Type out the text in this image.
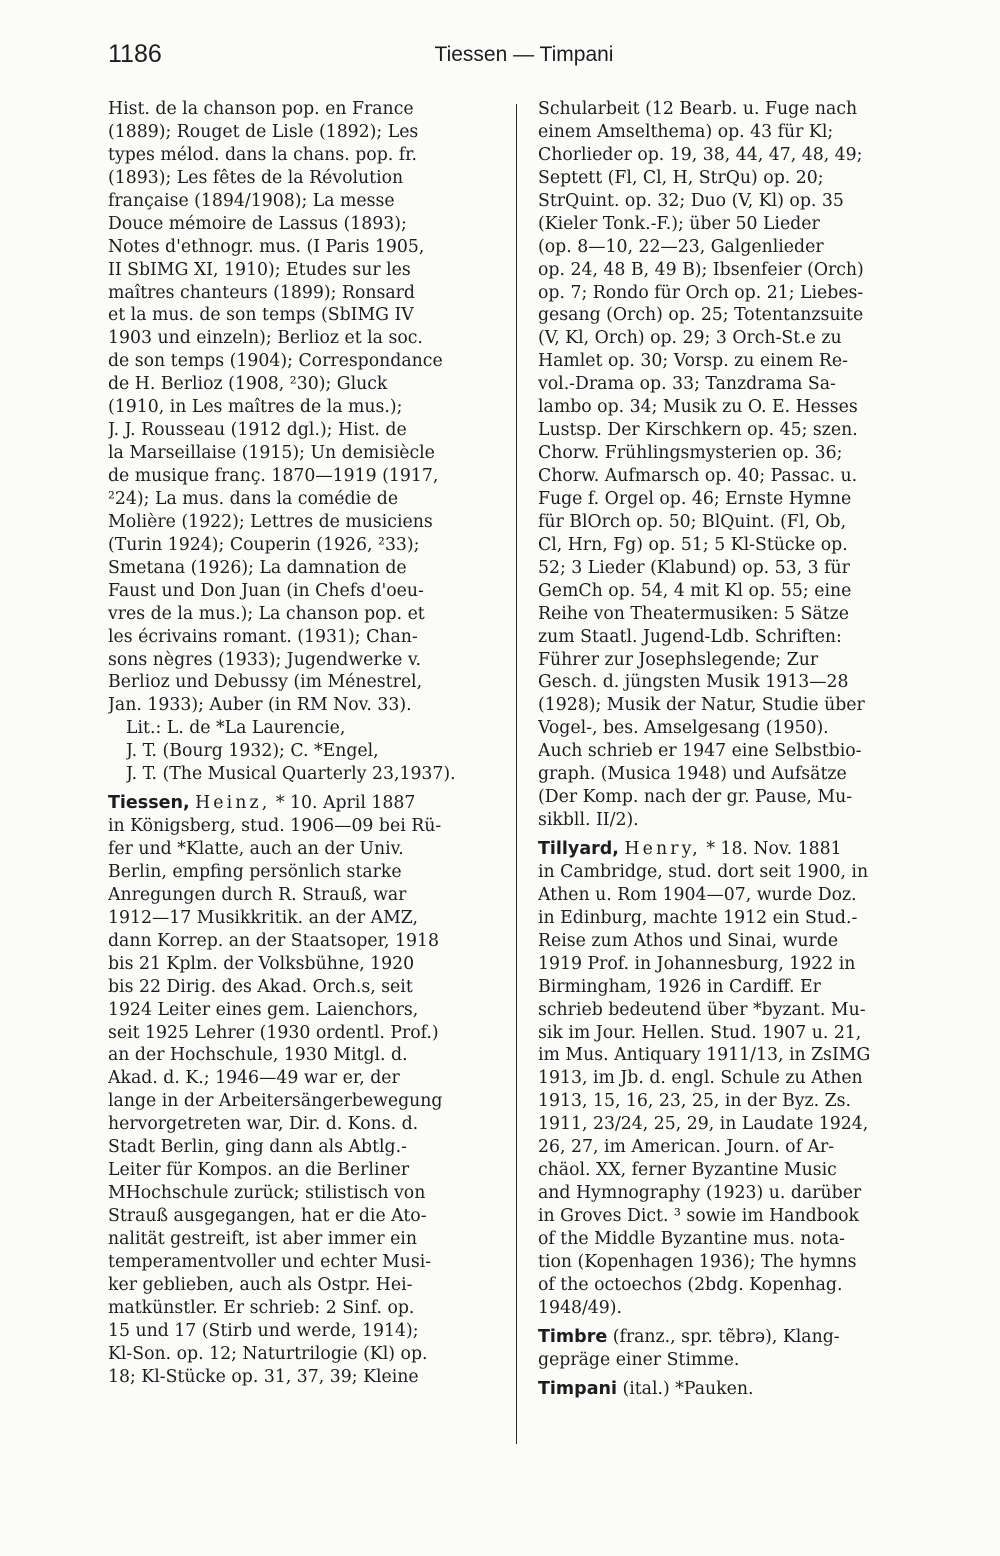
1186	Tiessen — Timpani
Hist. de la chanson pop. en France
(1889); Rouget de Lisle (1892); Les
types mélod. dans la chans. pop. fr.
(1893); Les fêtes de la Révolution
française (1894/1908); La messe
Douce mémoire de Lassus (1893);
Notes d'ethnogr. mus. (I Paris 1905,
II SbIMG XI, 1910); Etudes sur les
maîtres chanteurs (1899); Ronsard
et la mus. de son temps (SbIMG IV
1903 und einzeln); Berlioz et la soc.
de son temps (1904); Correspondance
de H. Berlioz (1908, ²30); Gluck
(1910, in Les maîtres de la mus.);
J. J. Rousseau (1912 dgl.); Hist. de
la Marseillaise (1915); Un demisiècle
de musique franç. 1870—1919 (1917,
²24); La mus. dans la comédie de
Molière (1922); Lettres de musiciens
(Turin 1924); Couperin (1926, ²33);
Smetana (1926); La damnation de
Faust und Don Juan (in Chefs d'oeu-
vres de la mus.); La chanson pop. et
les écrivains romant. (1931); Chan-
sons nègres (1933); Jugendwerke v.
Berlioz und Debussy (im Ménestrel,
Jan. 1933); Auber (in RM Nov. 33).
Lit.: L. de *La Laurencie,
J. T. (Bourg 1932); C. *Engel,
J. T. (The Musical Quarterly 23,1937).
Tiessen, Heinz, * 10. April 1887
in Königsberg, stud. 1906—09 bei Rü-
fer und *Klatte, auch an der Univ.
Berlin, empfing persönlich starke
Anregungen durch R. Strauß, war
1912—17 Musikkritik. an der AMZ,
dann Korrep. an der Staatsoper, 1918
bis 21 Kplm. der Volksbühne, 1920
bis 22 Dirig. des Akad. Orch.s, seit
1924 Leiter eines gem. Laienchors,
seit 1925 Lehrer (1930 ordentl. Prof.)
an der Hochschule, 1930 Mitgl. d.
Akad. d. K.; 1946—49 war er, der
lange in der Arbeitersängerbewegung
hervorgetreten war, Dir. d. Kons. d.
Stadt Berlin, ging dann als Abtlg.-
Leiter für Kompos. an die Berliner
MHochschule zurück; stilistisch von
Strauß ausgegangen, hat er die Ato-
nalität gestreift, ist aber immer ein
temperamentvoller und echter Musi-
ker geblieben, auch als Ostpr. Hei-
matkünstler. Er schrieb: 2 Sinf. op.
15 und 17 (Stirb und werde, 1914);
Kl-Son. op. 12; Naturtrilogie (Kl) op.
18; Kl-Stücke op. 31, 37, 39; Kleine
Schularbeit (12 Bearb. u. Fuge nach
einem Amselthema) op. 43 für Kl;
Chorlieder op. 19, 38, 44, 47, 48, 49;
Septett (Fl, Cl, H, StrQu) op. 20;
StrQuint. op. 32; Duo (V, Kl) op. 35
(Kieler Tonk.-F.); über 50 Lieder
(op. 8—10, 22—23, Galgenlieder
op. 24, 48 B, 49 B); Ibsenfeier (Orch)
op. 7; Rondo für Orch op. 21; Liebes-
gesang (Orch) op. 25; Totentanzsuite
(V, Kl, Orch) op. 29; 3 Orch-St.e zu
Hamlet op. 30; Vorsp. zu einem Re-
vol.-Drama op. 33; Tanzdrama Sa-
lambo op. 34; Musik zu O. E. Hesses
Lustsp. Der Kirschkern op. 45; szen.
Chorw. Frühlingsmysterien op. 36;
Chorw. Aufmarsch op. 40; Passac. u.
Fuge f. Orgel op. 46; Ernste Hymne
für BlOrch op. 50; BlQuint. (Fl, Ob,
Cl, Hrn, Fg) op. 51; 5 Kl-Stücke op.
52; 3 Lieder (Klabund) op. 53, 3 für
GemCh op. 54, 4 mit Kl op. 55; eine
Reihe von Theatermusiken: 5 Sätze
zum Staatl. Jugend-Ldb. Schriften:
Führer zur Josephslegende; Zur
Gesch. d. jüngsten Musik 1913—28
(1928); Musik der Natur, Studie über
Vogel-, bes. Amselgesang (1950).
Auch schrieb er 1947 eine Selbstbio-
graph. (Musica 1948) und Aufsätze
(Der Komp. nach der gr. Pause, Mu-
sikbll. II/2).
Tillyard, Henry, * 18. Nov. 1881
in Cambridge, stud. dort seit 1900, in
Athen u. Rom 1904—07, wurde Doz.
in Edinburg, machte 1912 ein Stud.-
Reise zum Athos und Sinai, wurde
1919 Prof. in Johannesburg, 1922 in
Birmingham, 1926 in Cardiff. Er
schrieb bedeutend über *byzant. Mu-
sik im Jour. Hellen. Stud. 1907 u. 21,
im Mus. Antiquary 1911/13, in ZsIMG
1913, im Jb. d. engl. Schule zu Athen
1913, 15, 16, 23, 25, in der Byz. Zs.
1911, 23/24, 25, 29, in Laudate 1924,
26, 27, im American. Journ. of Ar-
chäol. XX, ferner Byzantine Music
and Hymnography (1923) u. darüber
in Groves Dict. ³ sowie im Handbook
of the Middle Byzantine mus. nota-
tion (Kopenhagen 1936); The hymns
of the octoechos (2bdg. Kopenhag.
1948/49).
Timbre (franz., spr. tẽbrə), Klang-
gepräge einer Stimme.
Timpani (ital.) *Pauken.
